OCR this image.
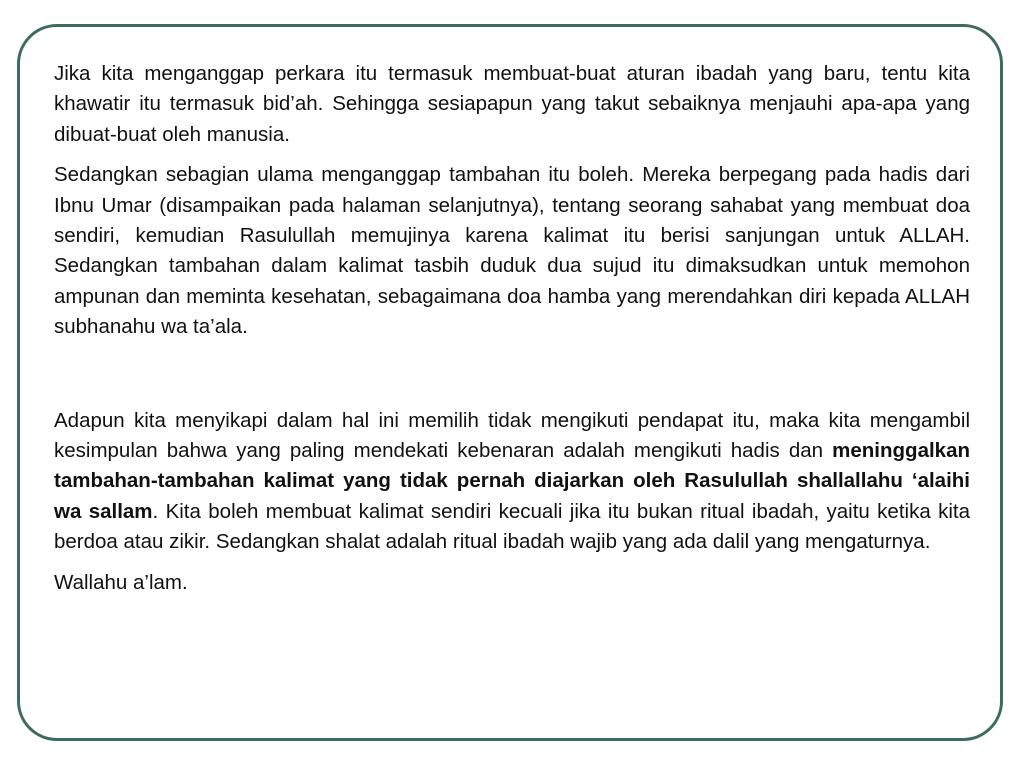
Jika kita menganggap perkara itu termasuk membuat-buat aturan ibadah yang baru, tentu kita khawatir itu termasuk bid’ah. Sehingga sesiapapun yang takut sebaiknya menjauhi apa-apa yang dibuat-buat oleh manusia.

Sedangkan sebagian ulama menganggap tambahan itu boleh. Mereka berpegang pada hadis dari Ibnu Umar (disampaikan pada halaman selanjutnya), tentang seorang sahabat yang membuat doa sendiri, kemudian Rasulullah memujinya karena kalimat itu berisi sanjungan untuk ALLAH. Sedangkan tambahan dalam kalimat tasbih duduk dua sujud itu dimaksudkan untuk memohon ampunan dan meminta kesehatan, sebagaimana doa hamba yang merendahkan diri kepada ALLAH subhanahu wa ta’ala.

Adapun kita menyikapi dalam hal ini memilih tidak mengikuti pendapat itu, maka kita mengambil kesimpulan bahwa yang paling mendekati kebenaran adalah mengikuti hadis dan meninggalkan tambahan-tambahan kalimat yang tidak pernah diajarkan oleh Rasulullah shallallahu ‘alaihi wa sallam. Kita boleh membuat kalimat sendiri kecuali jika itu bukan ritual ibadah, yaitu ketika kita berdoa atau zikir. Sedangkan shalat adalah ritual ibadah wajib yang ada dalil yang mengaturnya.

Wallahu a’lam.
